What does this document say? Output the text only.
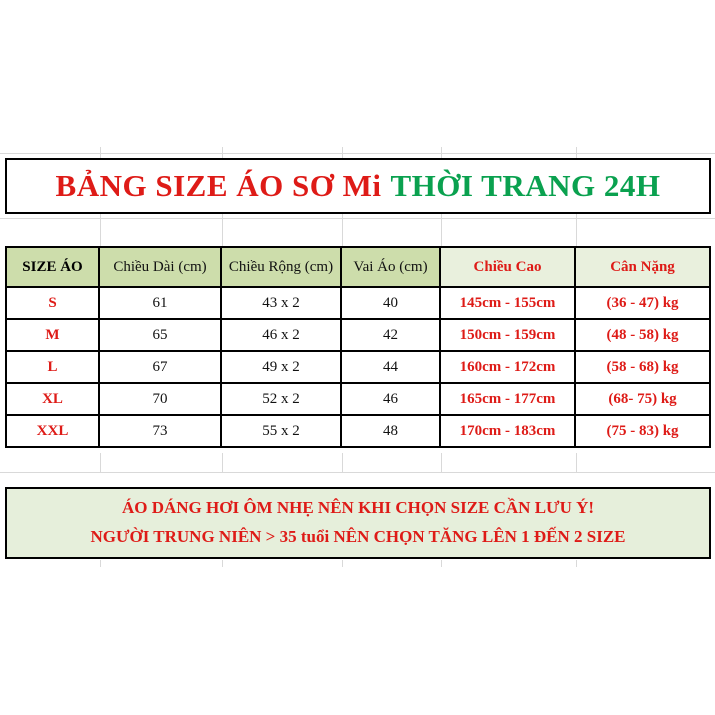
BẢNG SIZE ÁO SƠ Mi THỜI TRANG 24H
SIZE ÁO	Chiều Dài (cm)	Chiều Rộng (cm)	Vai Áo (cm)	Chiều Cao	Cân Nặng
S	61	43 x 2	40	145cm - 155cm	(36 - 47) kg
M	65	46 x 2	42	150cm - 159cm	(48 - 58) kg
L	67	49 x 2	44	160cm - 172cm	(58 - 68) kg
XL	70	52 x 2	46	165cm - 177cm	(68- 75) kg
XXL	73	55 x 2	48	170cm - 183cm	(75 - 83) kg
ÁO DÁNG HƠI ÔM NHẸ NÊN KHI CHỌN SIZE CẦN LƯU Ý!
NGƯỜI TRUNG NIÊN > 35 tuổi NÊN CHỌN TĂNG LÊN 1 ĐẾN 2 SIZE
